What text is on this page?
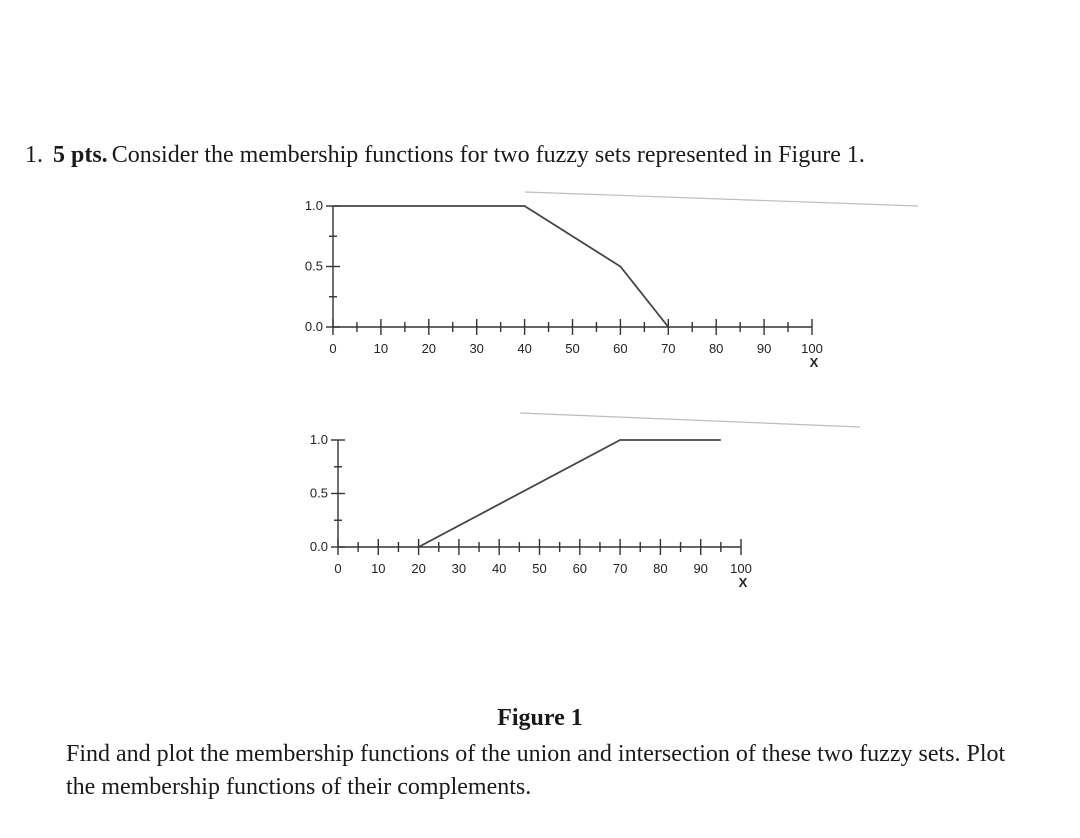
1. 5 pts. Consider the membership functions for two fuzzy sets represented in Figure 1.

0.0
0.5
1.0
0	10	20	30	40	50	60	70	80	90 100
X
0.0
0.5
1.0
0 10 20 30 40 50 60 70 80 90 100
X

Figure 1

Find and plot the membership functions of the union and intersection of these two fuzzy sets. Plot the membership functions of their complements.
